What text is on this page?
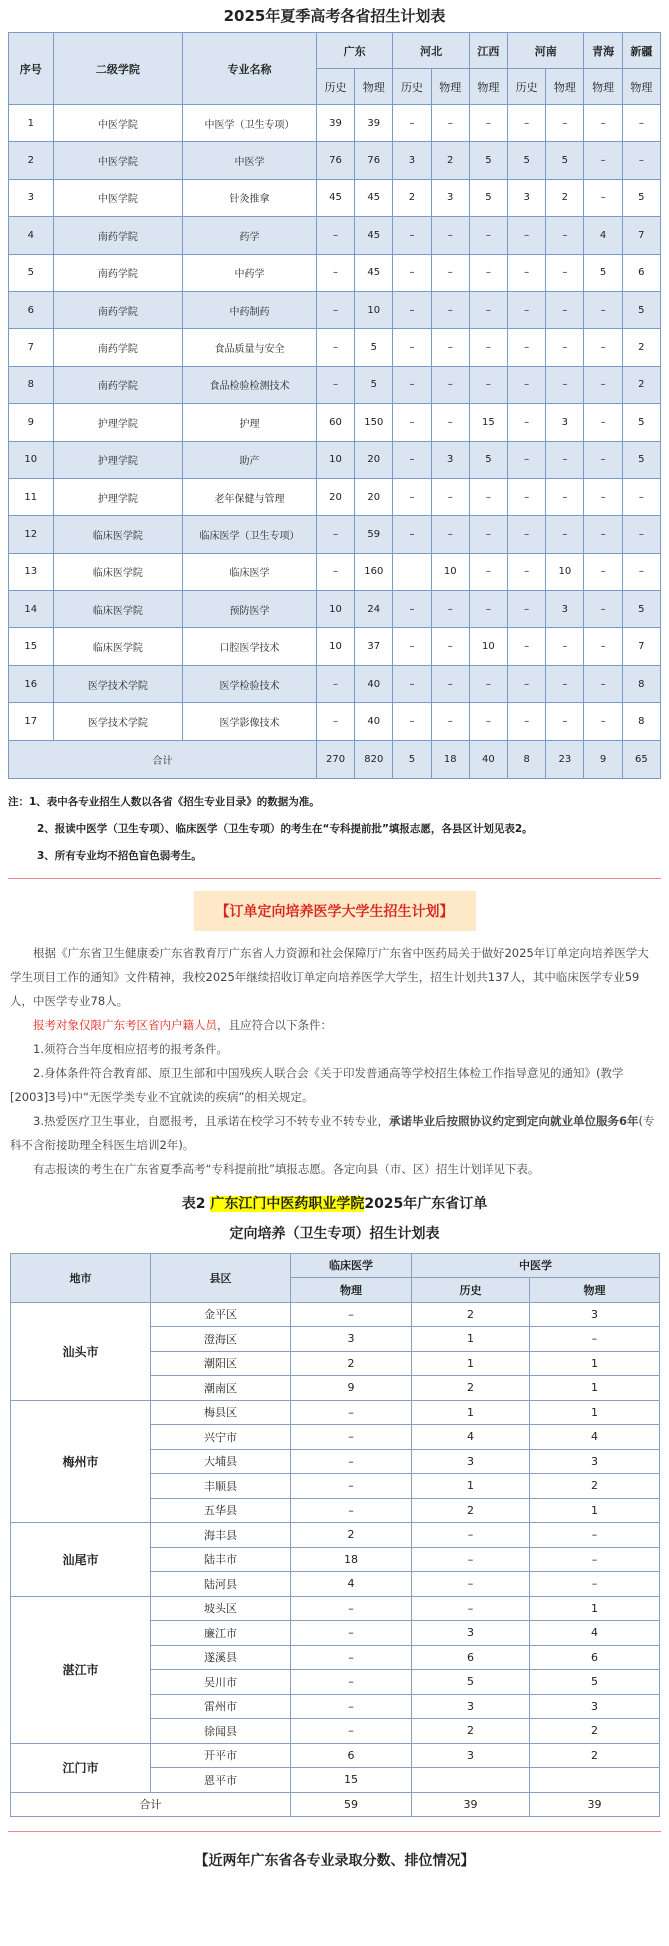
2025年夏季高考各省招生计划表
序号	二级学院	专业名称	广东		河北		江西	河南		青海	新疆
			历史	物理	历史	物理	物理	历史	物理	物理	物理
1	中医学院	中医学（卫生专项）	39	39	–	–	–	–	–	–	–
2	中医学院	中医学	76	76	3	2	5	5	5	–	–
3	中医学院	针灸推拿	45	45	2	3	5	3	2	–	5
4	南药学院	药学	–	45	–	–	–	–	–	4	7
5	南药学院	中药学	–	45	–	–	–	–	–	5	6
6	南药学院	中药制药	–	10	–	–	–	–	–	–	5
7	南药学院	食品质量与安全	–	5	–	–	–	–	–	–	2
8	南药学院	食品检验检测技术	–	5	–	–	–	–	–	–	2
9	护理学院	护理	60	150	–	–	15	–	3	–	5
10	护理学院	助产	10	20	–	3	5	–	–	–	5
11	护理学院	老年保健与管理	20	20	–	–	–	–	–	–	–
12	临床医学院	临床医学（卫生专项）	–	59	–	–	–	–	–	–	–
13	临床医学院	临床医学	–	160		10	–	–	10	–	–
14	临床医学院	预防医学	10	24	–	–	–	–	3	–	5
15	临床医学院	口腔医学技术	10	37	–	–	10	–	–	–	7
16	医学技术学院	医学检验技术	–	40	–	–	–	–	–	–	8
17	医学技术学院	医学影像技术	–	40	–	–	–	–	–	–	8
合计			270	820	5	18	40	8	23	9	65
注：1、表中各专业招生人数以各省《招生专业目录》的数据为准。
2、报读中医学（卫生专项）、临床医学（卫生专项）的考生在“专科提前批”填报志愿，各县区计划见表2。
3、所有专业均不招色盲色弱考生。
【订单定向培养医学大学生招生计划】

根据《广东省卫生健康委广东省教育厅广东省人力资源和社会保障厅广东省中医药局关于做好2025年订单定向培养医学大学生项目工作的通知》文件精神，我校2025年继续招收订单定向培养医学大学生，招生计划共137人，其中临床医学专业59人，中医学专业78人。

报考对象仅限广东考区省内户籍人员，且应符合以下条件：

1.须符合当年度相应招考的报考条件。

2.身体条件符合教育部、原卫生部和中国残疾人联合会《关于印发普通高等学校招生体检工作指导意见的通知》(教学[2003]3号)中“无医学类专业不宜就读的疾病”的相关规定。

3.热爱医疗卫生事业，自愿报考，且承诺在校学习不转专业不转专业，承诺毕业后按照协议约定到定向就业单位服务6年(专科不含衔接助理全科医生培训2年)。

有志报读的考生在广东省夏季高考“专科提前批”填报志愿。各定向县（市、区）招生计划详见下表。

表2 广东江门中医药职业学院2025年广东省订单
定向培养（卫生专项）招生计划表
地市	县区	临床医学	中医学	
		物理	历史	物理
汕头市	金平区	–	2	3
	澄海区	3	1	–
	潮阳区	2	1	1
	潮南区	9	2	1
梅州市	梅县区	–	1	1
	兴宁市	–	4	4
	大埔县	–	3	3
	丰顺县	–	1	2
	五华县	–	2	1
汕尾市	海丰县	2	–	–
	陆丰市	18	–	–
	陆河县	4	–	–
湛江市	坡头区	–	–	1
	廉江市	–	3	4
	遂溪县	–	6	6
	吴川市	–	5	5
	雷州市	–	3	3
	徐闻县	–	2	2
江门市	开平市	6	3	2
	恩平市	15		
合计		59	39	39
【近两年广东省各专业录取分数、排位情况】
